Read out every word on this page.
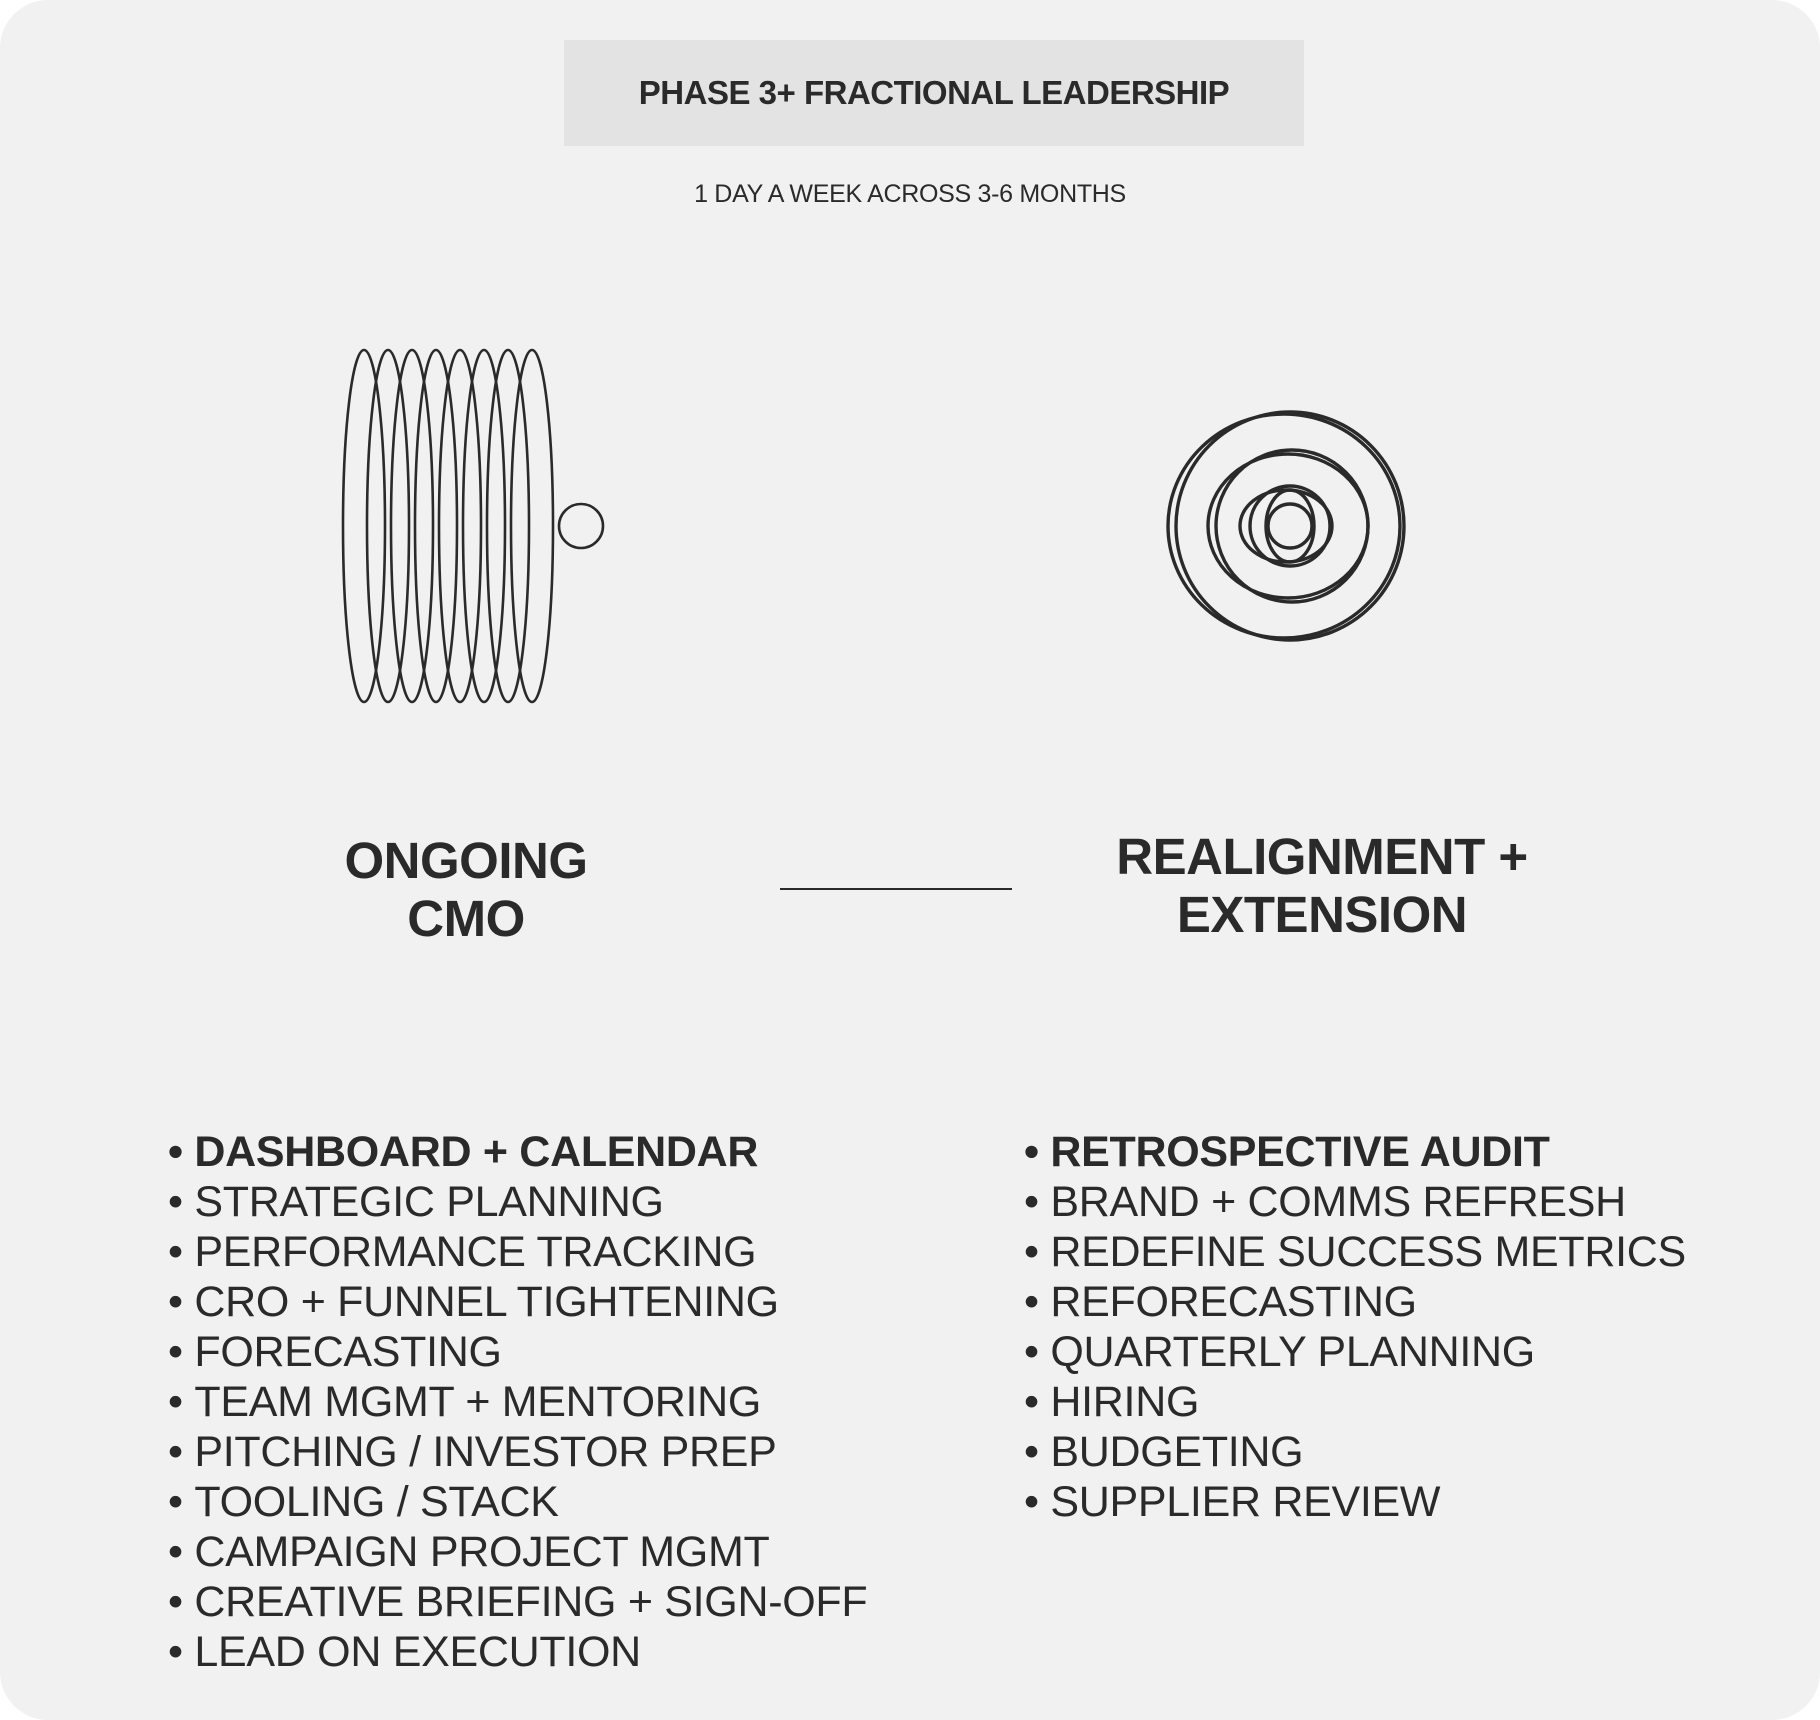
PHASE 3+ FRACTIONAL LEADERSHIP
1 DAY A WEEK ACROSS 3-6 MONTHS
ONGOING
CMO
REALIGNMENT +
EXTENSION
• DASHBOARD + CALENDAR
• STRATEGIC PLANNING
• PERFORMANCE TRACKING
• CRO + FUNNEL TIGHTENING
• FORECASTING
• TEAM MGMT + MENTORING
• PITCHING / INVESTOR PREP
• TOOLING / STACK
• CAMPAIGN PROJECT MGMT
• CREATIVE BRIEFING + SIGN-OFF
• LEAD ON EXECUTION
• RETROSPECTIVE AUDIT
• BRAND + COMMS REFRESH
• REDEFINE SUCCESS METRICS
• REFORECASTING
• QUARTERLY PLANNING
• HIRING
• BUDGETING
• SUPPLIER REVIEW
